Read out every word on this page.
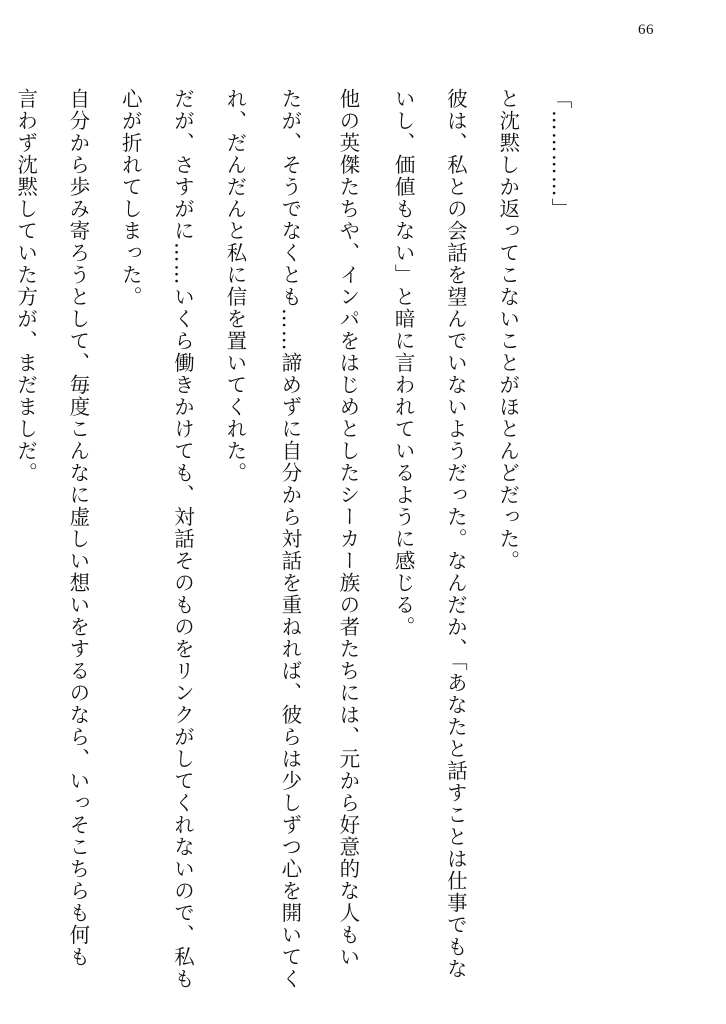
66

「…………」

と沈黙しか返ってこないことがほとんどだった。

彼は、私との会話を望んでいないようだった。なんだか、「あなたと話すことは仕事でもな

いし、価値もない」と暗に言われているように感じる。

他の英傑たちや、インパをはじめとしたシーカー族の者たちには、元から好意的な人もい

たが、そうでなくとも……諦めずに自分から対話を重ねれば、彼らは少しずつ心を開いてく

れ、だんだんと私に信を置いてくれた。

だが、さすがに……いくら働きかけても、対話そのものをリンクがしてくれないので、私も

心が折れてしまった。

自分から歩み寄ろうとして、毎度こんなに虚しい想いをするのなら、いっそこちらも何も

言わず沈黙していた方が、まだましだ。
